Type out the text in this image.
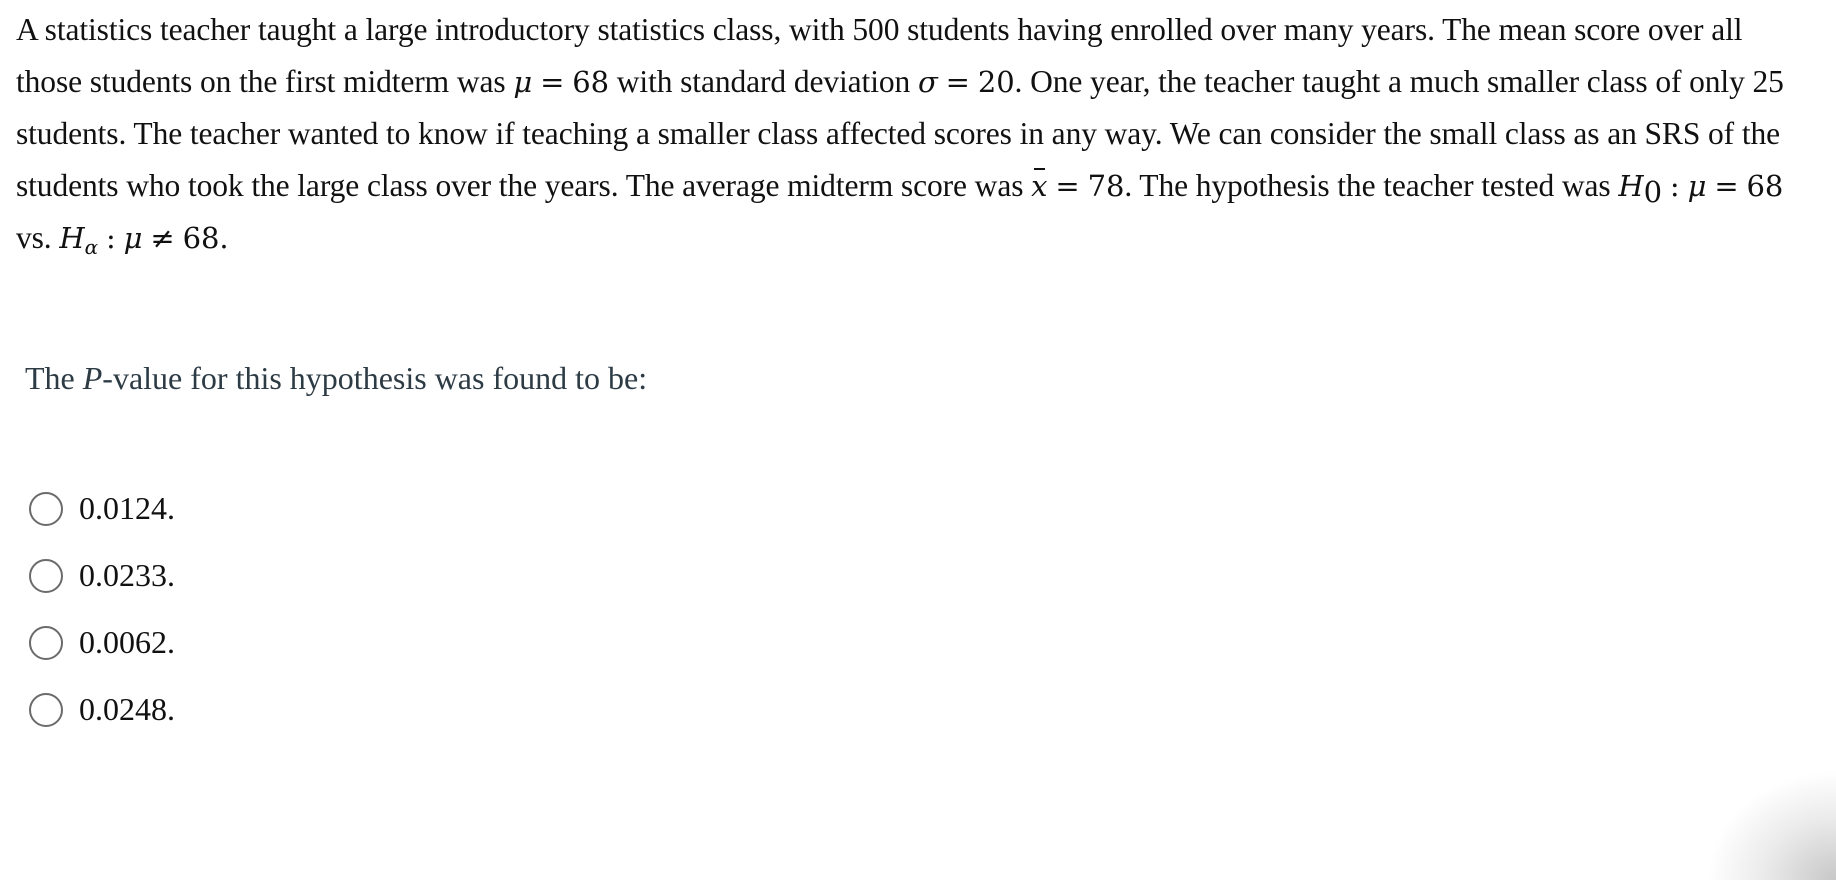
A statistics teacher taught a large introductory statistics class, with 500 students having enrolled over many years. The mean score over all those students on the first midterm was μ = 68 with standard deviation σ = 20. One year, the teacher taught a much smaller class of only 25 students. The teacher wanted to know if teaching a smaller class affected scores in any way. We can consider the small class as an SRS of the students who took the large class over the years. The average midterm score was x = 78. The hypothesis the teacher tested was $H_0$ : μ = 68 vs. $H_\alpha$ : μ ≠ 68.
The P-value for this hypothesis was found to be:
0.0124.
0.0233.
0.0062.
0.0248.
